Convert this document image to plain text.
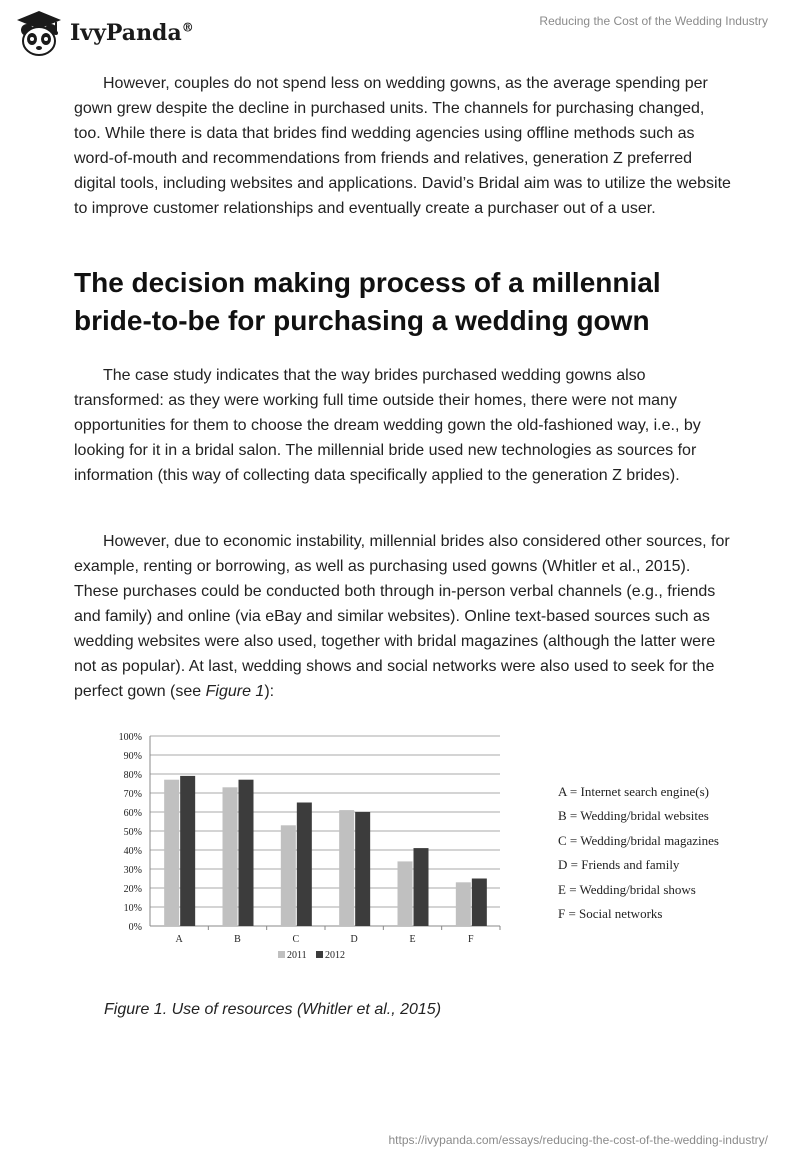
IvyPanda®	Reducing the Cost of the Wedding Industry

However, couples do not spend less on wedding gowns, as the average spending per gown grew despite the decline in purchased units. The channels for purchasing changed, too. While there is data that brides find wedding agencies using offline methods such as word-of-mouth and recommendations from friends and relatives, generation Z preferred digital tools, including websites and applications. David’s Bridal aim was to utilize the website to improve customer relationships and eventually create a purchaser out of a user.

The decision making process of a millennial bride-to-be for purchasing a wedding gown

The case study indicates that the way brides purchased wedding gowns also transformed: as they were working full time outside their homes, there were not many opportunities for them to choose the dream wedding gown the old-fashioned way, i.e., by looking for it in a bridal salon. The millennial bride used new technologies as sources for information (this way of collecting data specifically applied to the generation Z brides).

However, due to economic instability, millennial brides also considered other sources, for example, renting or borrowing, as well as purchasing used gowns (Whitler et al., 2015). These purchases could be conducted both through in-person verbal channels (e.g., friends and family) and online (via eBay and similar websites). Online text-based sources such as wedding websites were also used, together with bridal magazines (although the latter were not as popular). At last, wedding shows and social networks were also used to seek for the perfect gown (see Figure 1):

0%
10%
20%
30%
40%
50%
60%
70%
80%
90%
100%
A	B	C	D	E	F
2011 2012
A = Internet search engine(s)
B = Wedding/bridal websites
C = Wedding/bridal magazines
D = Friends and family
E = Wedding/bridal shows
F = Social networks
Figure 1. Use of resources (Whitler et al., 2015)
https://ivypanda.com/essays/reducing-the-cost-of-the-wedding-industry/
